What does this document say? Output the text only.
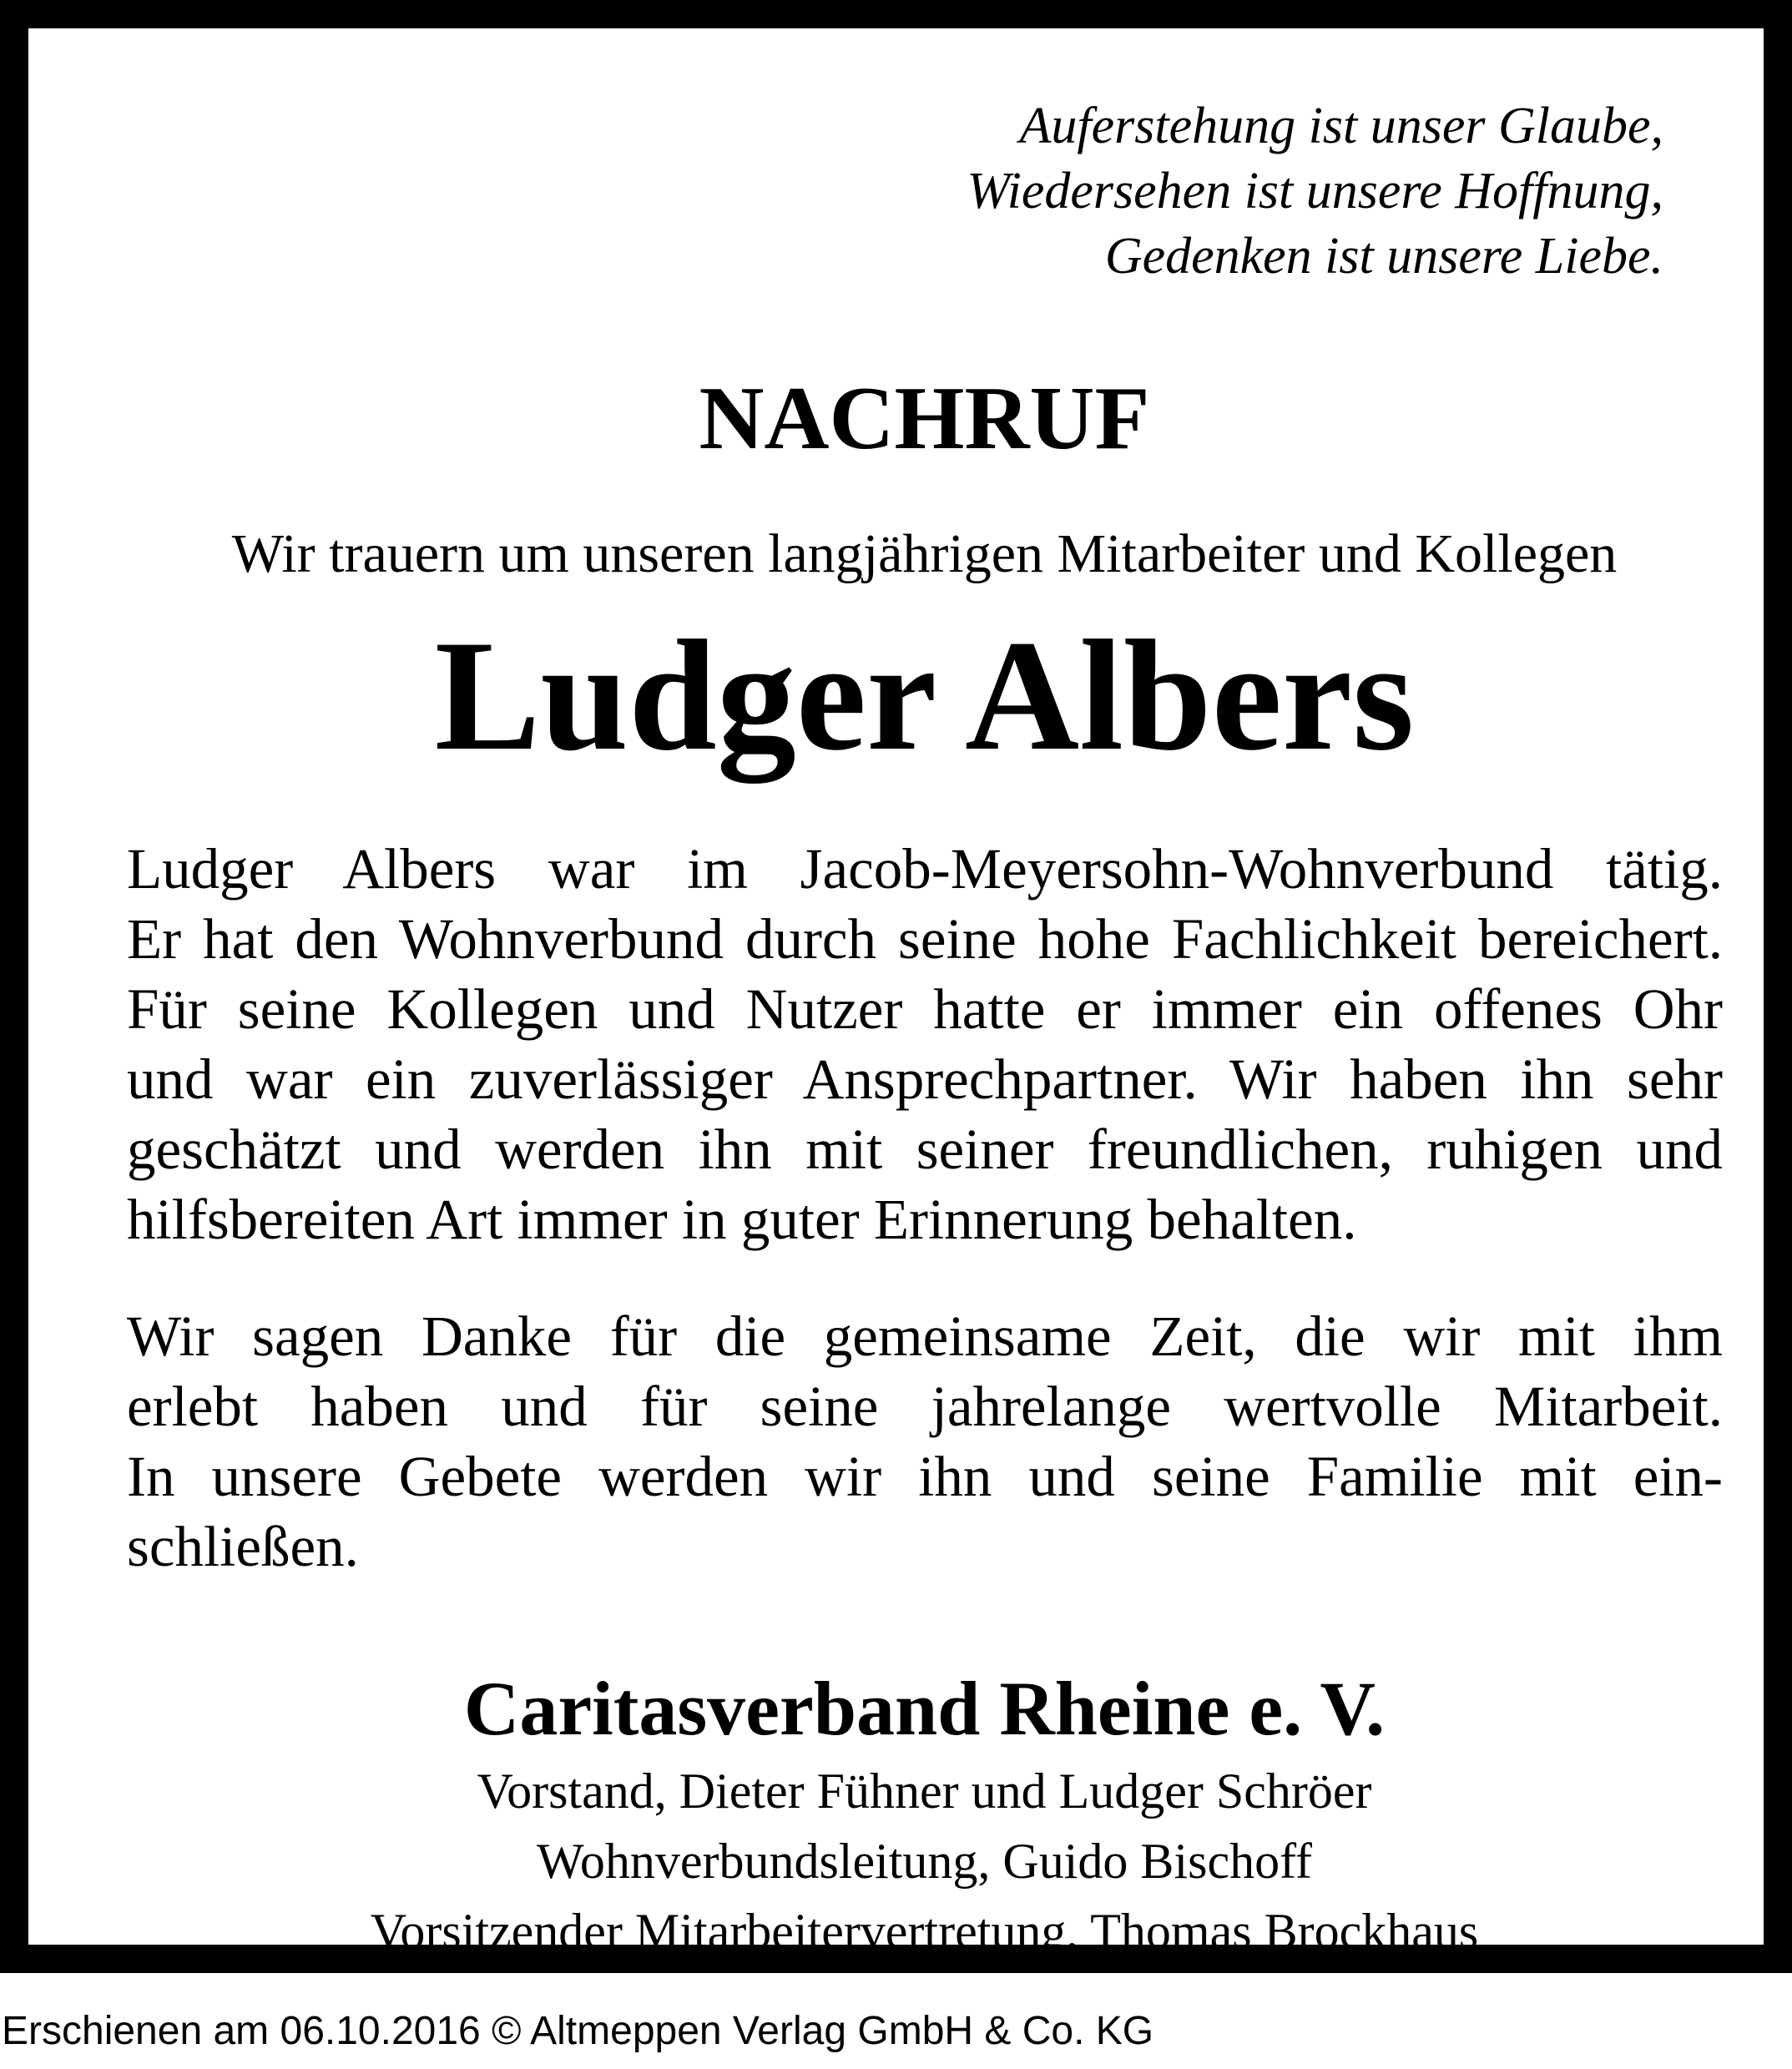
Auferstehung ist unser Glaube,
Wiedersehen ist unsere Hoffnung,
Gedenken ist unsere Liebe.
NACHRUF
Wir trauern um unseren langjährigen Mitarbeiter und Kollegen
Ludger Albers
Ludger Albers war im Jacob-Meyersohn-Wohnverbund tätig.
Er hat den Wohnverbund durch seine hohe Fachlichkeit bereichert.
Für seine Kollegen und Nutzer hatte er immer ein offenes Ohr
und war ein zuverlässiger Ansprechpartner. Wir haben ihn sehr
geschätzt und werden ihn mit seiner freundlichen, ruhigen und
hilfsbereiten Art immer in guter Erinnerung behalten.
Wir sagen Danke für die gemeinsame Zeit, die wir mit ihm
erlebt haben und für seine jahrelange wertvolle Mitarbeit.
In unsere Gebete werden wir ihn und seine Familie mit ein-
schließen.
Caritasverband Rheine e. V.
Vorstand, Dieter Fühner und Ludger Schröer
Wohnverbundsleitung, Guido Bischoff
Vorsitzender Mitarbeitervertretung, Thomas Brockhaus
Erschienen am 06.10.2016 © Altmeppen Verlag GmbH & Co. KG
